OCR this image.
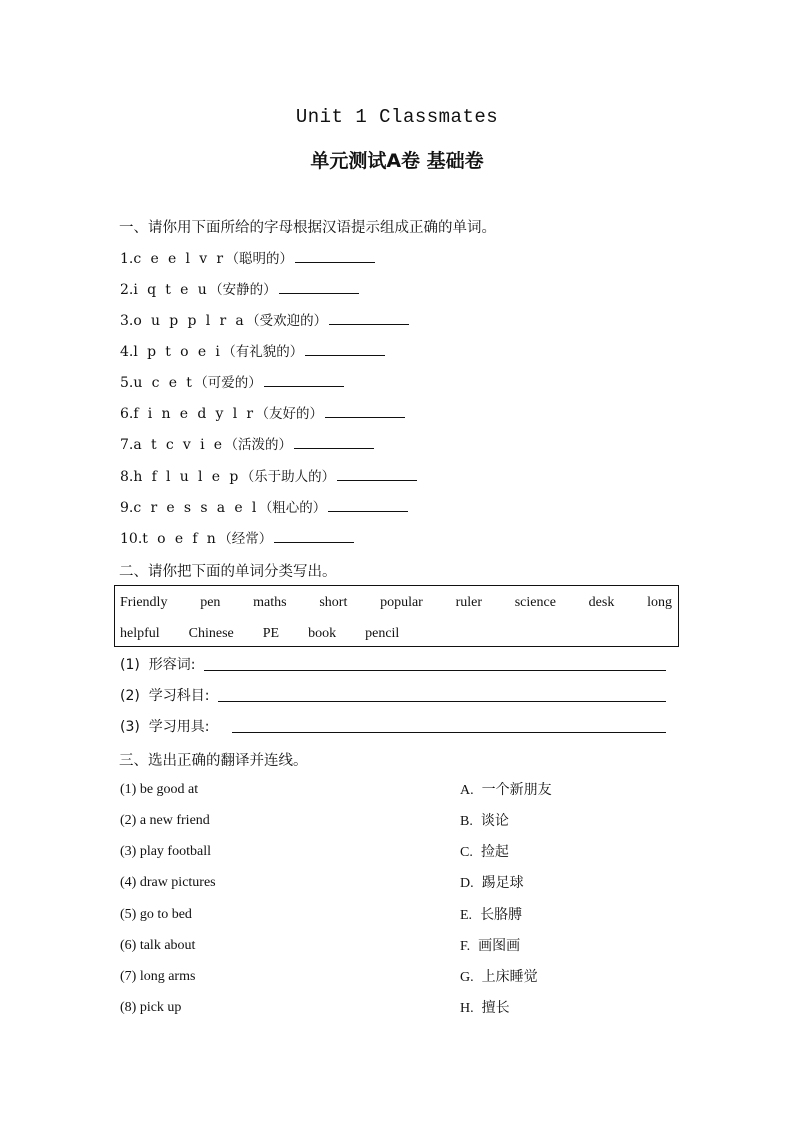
Unit 1 Classmates
单元测试A卷 基础卷
一、请你用下面所给的字母根据汉语提示组成正确的单词。
1.c e e l v r（聪明的）
2.i q t e u（安静的）
3.o u p p l r a（受欢迎的）
4.l p t o e i（有礼貌的）
5.u c e t（可爱的）
6.f i n e d y l r（友好的）
7.a t c v i e（活泼的）
8.h f l u l e p（乐于助人的）
9.c r e s s a e l（粗心的）
10.t o e f n（经常）
二、请你把下面的单词分类写出。
Friendly pen maths short popular ruler science desk long
helpful Chinese PE book pencil
(1) 形容词:
(2) 学习科目:
(3) 学习用具:
三、选出正确的翻译并连线。
(1) be good at
(2) a new friend
(3) play football
(4) draw pictures
(5) go to bed
(6) talk about
(7) long arms
(8) pick up
A. 一个新朋友
B. 谈论
C. 捡起
D. 踢足球
E. 长胳膊
F. 画图画
G. 上床睡觉
H. 擅长
